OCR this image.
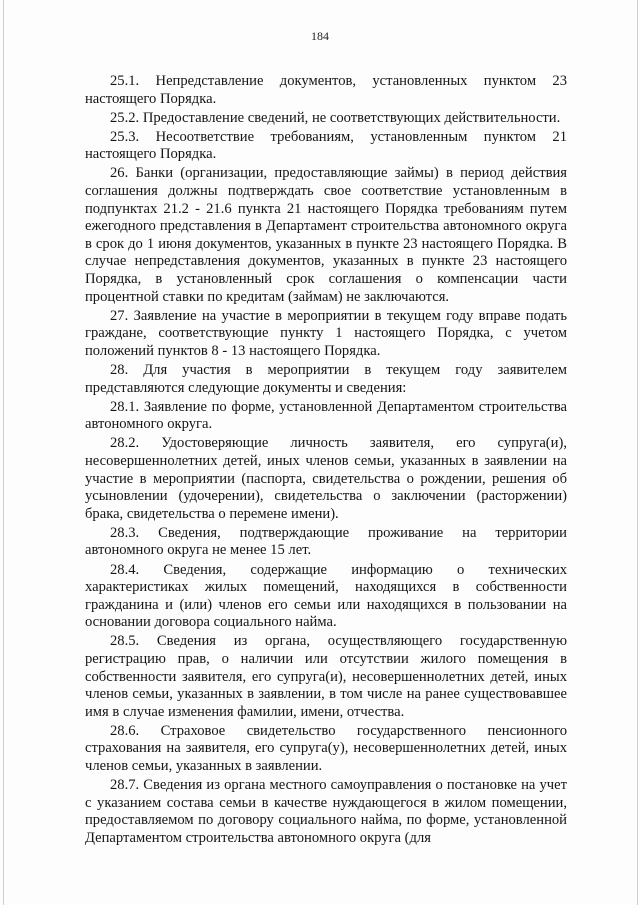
184

25.1. Непредставление документов, установленных пунктом 23 настоящего Порядка.

25.2. Предоставление сведений, не соответствующих действительности.

25.3. Несоответствие требованиям, установленным пунктом 21 настоящего Порядка.

26. Банки (организации, предоставляющие займы) в период действия соглашения должны подтверждать свое соответствие установленным в подпунктах 21.2 - 21.6 пункта 21 настоящего Порядка требованиям путем ежегодного представления в Департамент строительства автономного округа в срок до 1 июня документов, указанных в пункте 23 настоящего Порядка. В случае непредставления документов, указанных в пункте 23 настоящего Порядка, в установленный срок соглашения о компенсации части процентной ставки по кредитам (займам) не заключаются.

27. Заявление на участие в мероприятии в текущем году вправе подать граждане, соответствующие пункту 1 настоящего Порядка, с учетом положений пунктов 8 - 13 настоящего Порядка.

28. Для участия в мероприятии в текущем году заявителем представляются следующие документы и сведения:

28.1. Заявление по форме, установленной Департаментом строительства автономного округа.

28.2. Удостоверяющие личность заявителя, его супруга(и), несовершеннолетних детей, иных членов семьи, указанных в заявлении на участие в мероприятии (паспорта, свидетельства о рождении, решения об усыновлении (удочерении), свидетельства о заключении (расторжении) брака, свидетельства о перемене имени).

28.3. Сведения, подтверждающие проживание на территории автономного округа не менее 15 лет.

28.4. Сведения, содержащие информацию о технических характеристиках жилых помещений, находящихся в собственности гражданина и (или) членов его семьи или находящихся в пользовании на основании договора социального найма.

28.5. Сведения из органа, осуществляющего государственную регистрацию прав, о наличии или отсутствии жилого помещения в собственности заявителя, его супруга(и), несовершеннолетних детей, иных членов семьи, указанных в заявлении, в том числе на ранее существовавшее имя в случае изменения фамилии, имени, отчества.

28.6. Страховое свидетельство государственного пенсионного страхования на заявителя, его супруга(у), несовершеннолетних детей, иных членов семьи, указанных в заявлении.

28.7. Сведения из органа местного самоуправления о постановке на учет с указанием состава семьи в качестве нуждающегося в жилом помещении, предоставляемом по договору социального найма, по форме, установленной Департаментом строительства автономного округа (для
